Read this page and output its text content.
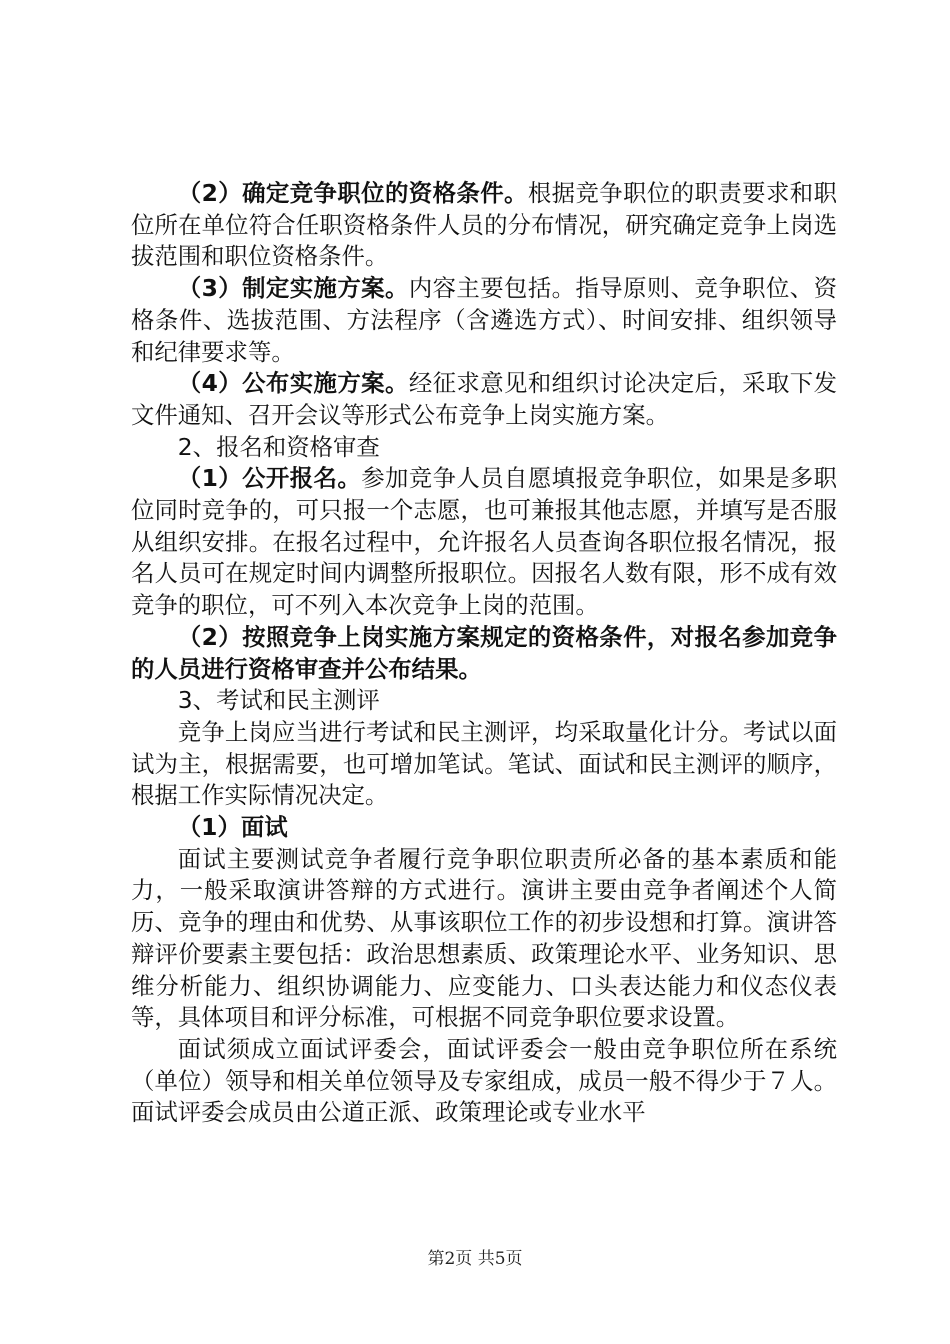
（2）确定竞争职位的资格条件。根据竞争职位的职责要求和职位所在单位符合任职资格条件人员的分布情况，研究确定竞争上岗选拔范围和职位资格条件。

（3）制定实施方案。内容主要包括。指导原则、竞争职位、资格条件、选拔范围、方法程序（含遴选方式）、时间安排、组织领导和纪律要求等。

（4）公布实施方案。经征求意见和组织讨论决定后，采取下发文件通知、召开会议等形式公布竞争上岗实施方案。

2、报名和资格审查

（1）公开报名。参加竞争人员自愿填报竞争职位，如果是多职位同时竞争的，可只报一个志愿，也可兼报其他志愿，并填写是否服从组织安排。在报名过程中，允许报名人员查询各职位报名情况，报名人员可在规定时间内调整所报职位。因报名人数有限，形不成有效竞争的职位，可不列入本次竞争上岗的范围。

（2）按照竞争上岗实施方案规定的资格条件，对报名参加竞争的人员进行资格审查并公布结果。

3、考试和民主测评

竞争上岗应当进行考试和民主测评，均采取量化计分。考试以面试为主，根据需要，也可增加笔试。笔试、面试和民主测评的顺序，根据工作实际情况决定。

（1）面试

面试主要测试竞争者履行竞争职位职责所必备的基本素质和能力，一般采取演讲答辩的方式进行。演讲主要由竞争者阐述个人简历、竞争的理由和优势、从事该职位工作的初步设想和打算。演讲答辩评价要素主要包括：政治思想素质、政策理论水平、业务知识、思维分析能力、组织协调能力、应变能力、口头表达能力和仪态仪表等，具体项目和评分标准，可根据不同竞争职位要求设置。

面试须成立面试评委会，面试评委会一般由竞争职位所在系统（单位）领导和相关单位领导及专家组成，成员一般不得少于７人。面试评委会成员由公道正派、政策理论或专业水平

第2页 共5页
